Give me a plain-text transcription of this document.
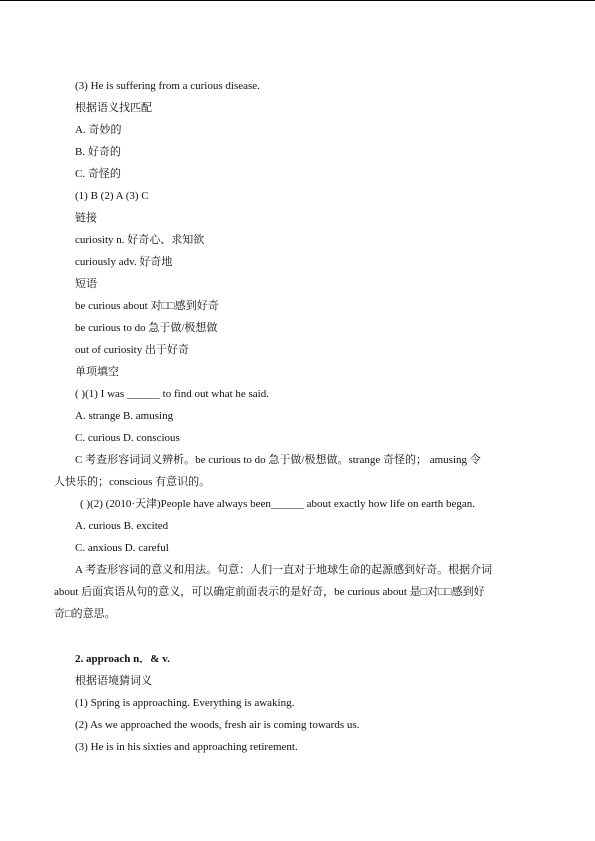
(3) He is suffering from a curious disease.
根据语义找匹配
A. 奇妙的
B. 好奇的
C. 奇怪的
(1) B (2) A (3) C
链接
curiosity n. 好奇心、求知欲
curiously adv. 好奇地
短语
be curious about 对□□感到好奇
be curious to do 急于做/极想做
out of curiosity 出于好奇
单项填空
( )(1) I was ______ to find out what he said.
A. strange B. amusing
C. curious D. conscious
C 考查形容词词义辨析。be curious to do 急于做/极想做。strange 奇怪的； amusing 令
人快乐的；conscious 有意识的。
( )(2) (2010·天津)People have always been______ about exactly how life on earth began.
A. curious B. excited
C. anxious D. careful
A 考查形容词的意义和用法。句意：人们一直对于地球生命的起源感到好奇。根据介词
about 后面宾语从句的意义，可以确定前面表示的是好奇，be curious about 是□对□□感到好
奇□的意思。
2. approach n．& v.
根据语境猜词义
(1) Spring is approaching. Everything is awaking.
(2) As we approached the woods, fresh air is coming towards us.
(3) He is in his sixties and approaching retirement.
